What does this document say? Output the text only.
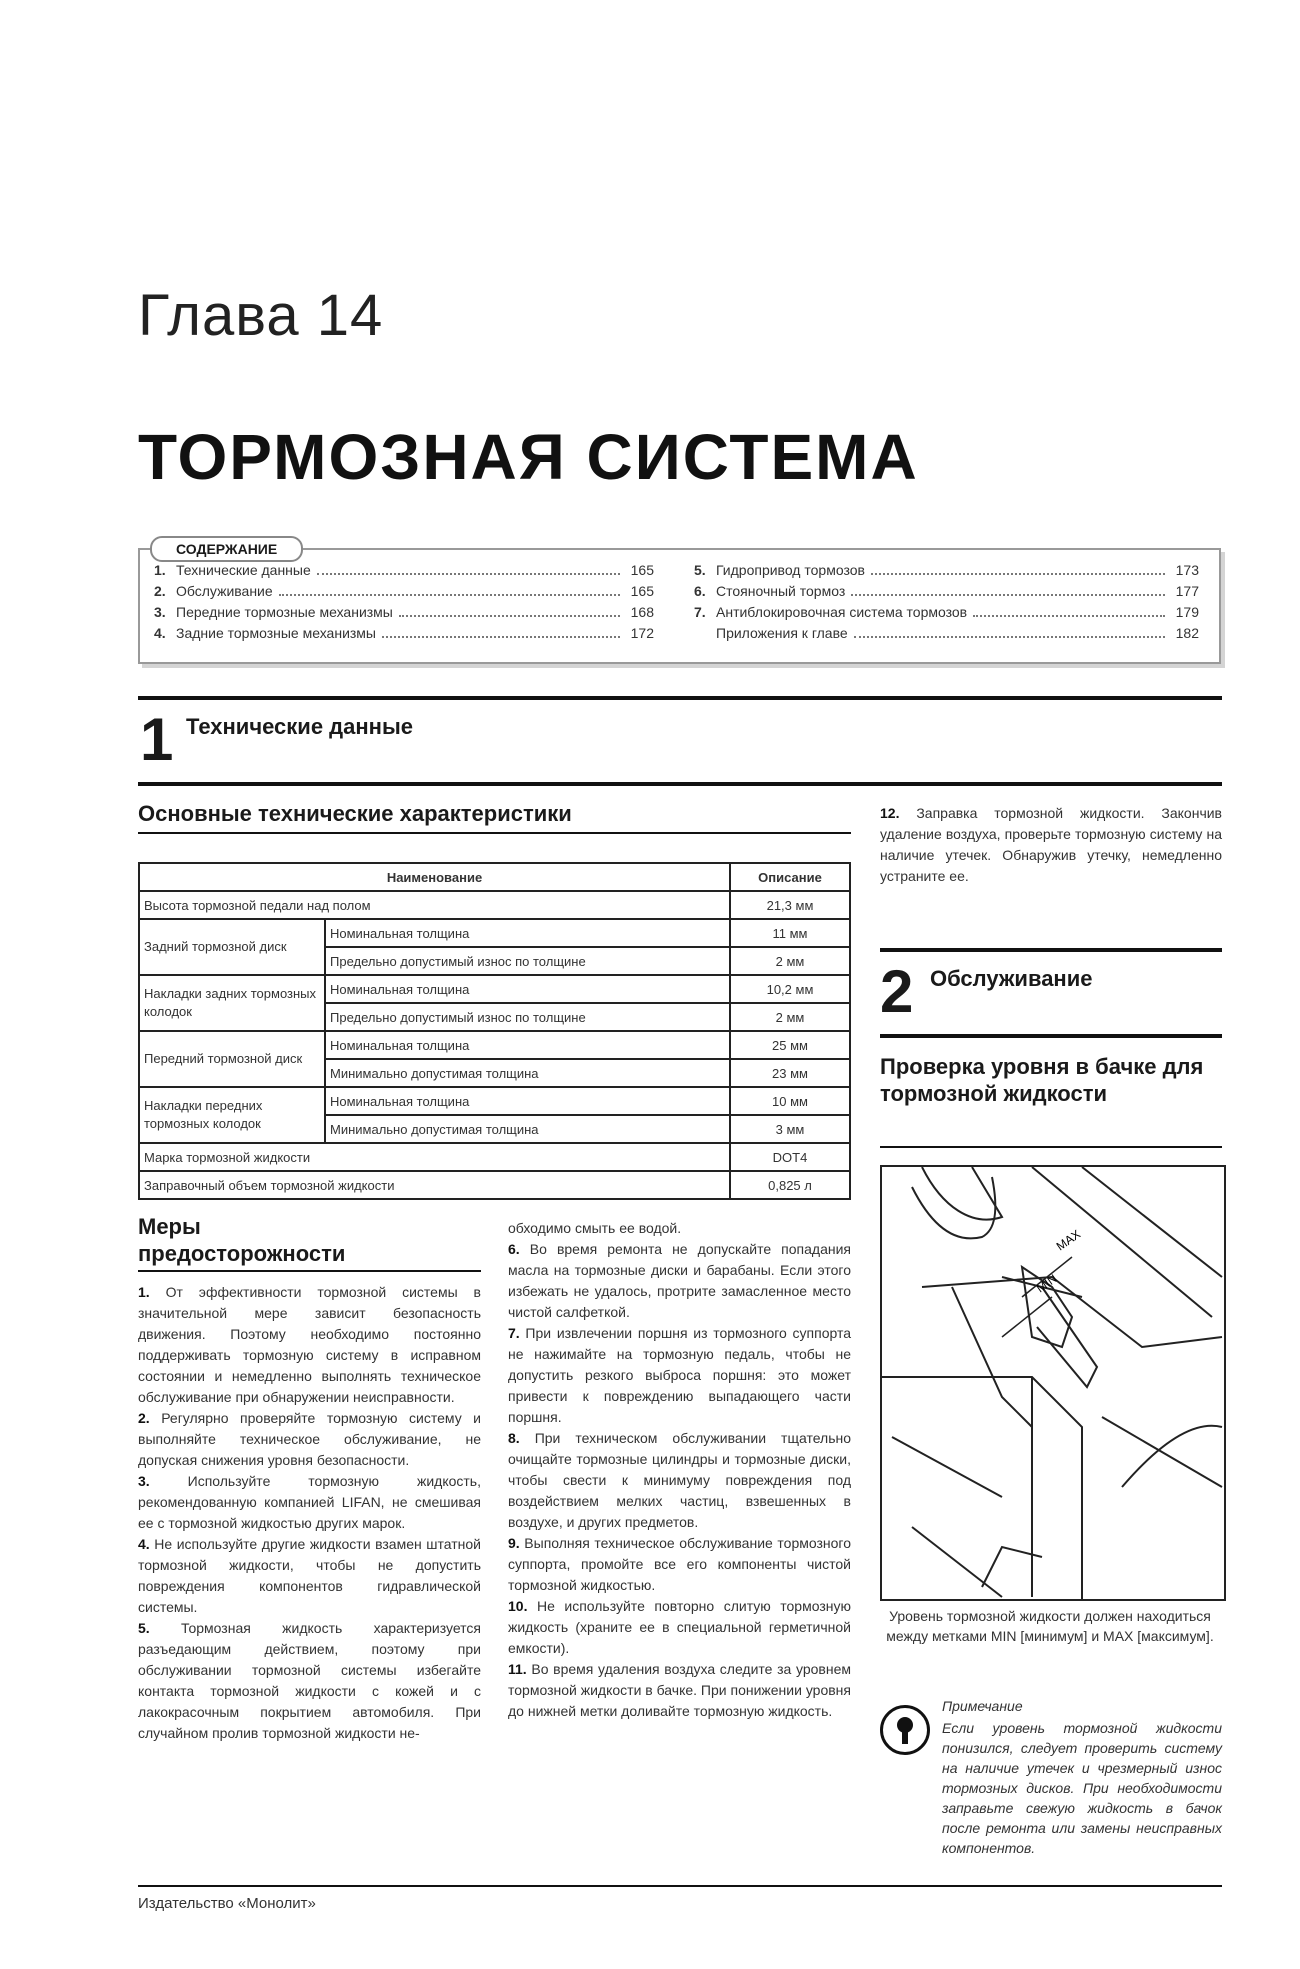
Глава 14
ТОРМОЗНАЯ СИСТЕМА
1. Технические данные	165
2. Обслуживание	165
3. Передние тормозные механизмы	168
4. Задние тормозные механизмы	172
5. Гидропривод тормозов	173
6. Стояночный тормоз	177
7. Антиблокировочная система тормозов	179
Приложения к главе	182
СОДЕРЖАНИЕ
1 Технические данные
Основные технические характеристики
Наименование		Описание
Высота тормозной педали над полом		21,3 мм
Задний тормозной диск	Номинальная толщина	11 мм
	Предельно допустимый износ по толщине	2 мм
Накладки задних тормозных колодок	Номинальная толщина	10,2 мм
	Предельно допустимый износ по толщине	2 мм
Передний тормозной диск	Номинальная толщина	25 мм
	Минимально допустимая толщина	23 мм
Накладки передних тормозных колодок	Номинальная толщина	10 мм
	Минимально допустимая толщина	3 мм
Марка тормозной жидкости		DOT4
Заправочный объем тормозной жидкости		0,825 л
Меры
предосторожности

1. От эффективности тормозной системы в значительной мере зависит безопасность движения. Поэтому необходимо постоянно поддерживать тормозную систему в исправном состоянии и немедленно выполнять техническое обслуживание при обнаружении неисправности.

2. Регулярно проверяйте тормозную систему и выполняйте техническое обслуживание, не допуская снижения уровня безопасности.

3.	Используйте тормозную жидкость, рекомендованную компанией LIFAN, не смешивая ее с тормозной жидкостью других марок.

4. Не используйте другие жидкости взамен штатной тормозной жидкости, чтобы не допустить повреждения компонентов гидравлической системы.

5. Тормозная жидкость характеризуется разъедающим действием, поэтому при обслуживании тормозной системы избегайте контакта тормозной жидкости с кожей и с лакокрасочным покрытием автомобиля. При случайном пролив тормозной жидкости не-

обходимо смыть ее водой.

6. Во время ремонта не допускайте попадания масла на тормозные диски и барабаны. Если этого избежать не удалось, протрите замасленное место чистой салфеткой.

7. При извлечении поршня из тормозного суппорта не нажимайте на тормозную педаль, чтобы не допустить резкого выброса поршня: это может привести к повреждению выпадающего части поршня.

8. При техническом обслуживании тщательно очищайте тормозные цилиндры и тормозные диски, чтобы свести к минимуму повреждения под воздействием мелких частиц, взвешенных в воздухе, и других предметов.

9. Выполняя техническое обслуживание тормозного суппорта, промойте все его компоненты чистой тормозной жидкостью.

10. Не используйте повторно слитую тормозную жидкость (храните ее в специальной герметичной емкости).

11. Во время удаления воздуха следите за уровнем тормозной жидкости в бачке. При понижении уровня до нижней метки доливайте тормозную жидкость.

12. Заправка тормозной жидкости. Закончив удаление воздуха, проверьте тормозную систему на наличие утечек. Обнаружив утечку, немедленно устраните ее.

2 Обслуживание
Проверка уровня в бачке для тормозной жидкости
MAX
MIN
Уровень тормозной жидкости должен находиться между метками MIN [минимум] и MAX [максимум].
Примечание
Если уровень тормозной жидкости понизился, следует проверить систему на наличие утечек и чрезмерный износ тормозных дисков. При необходимости заправьте свежую жидкость в бачок после ремонта или замены неисправных компонентов.
Издательство «Монолит»
